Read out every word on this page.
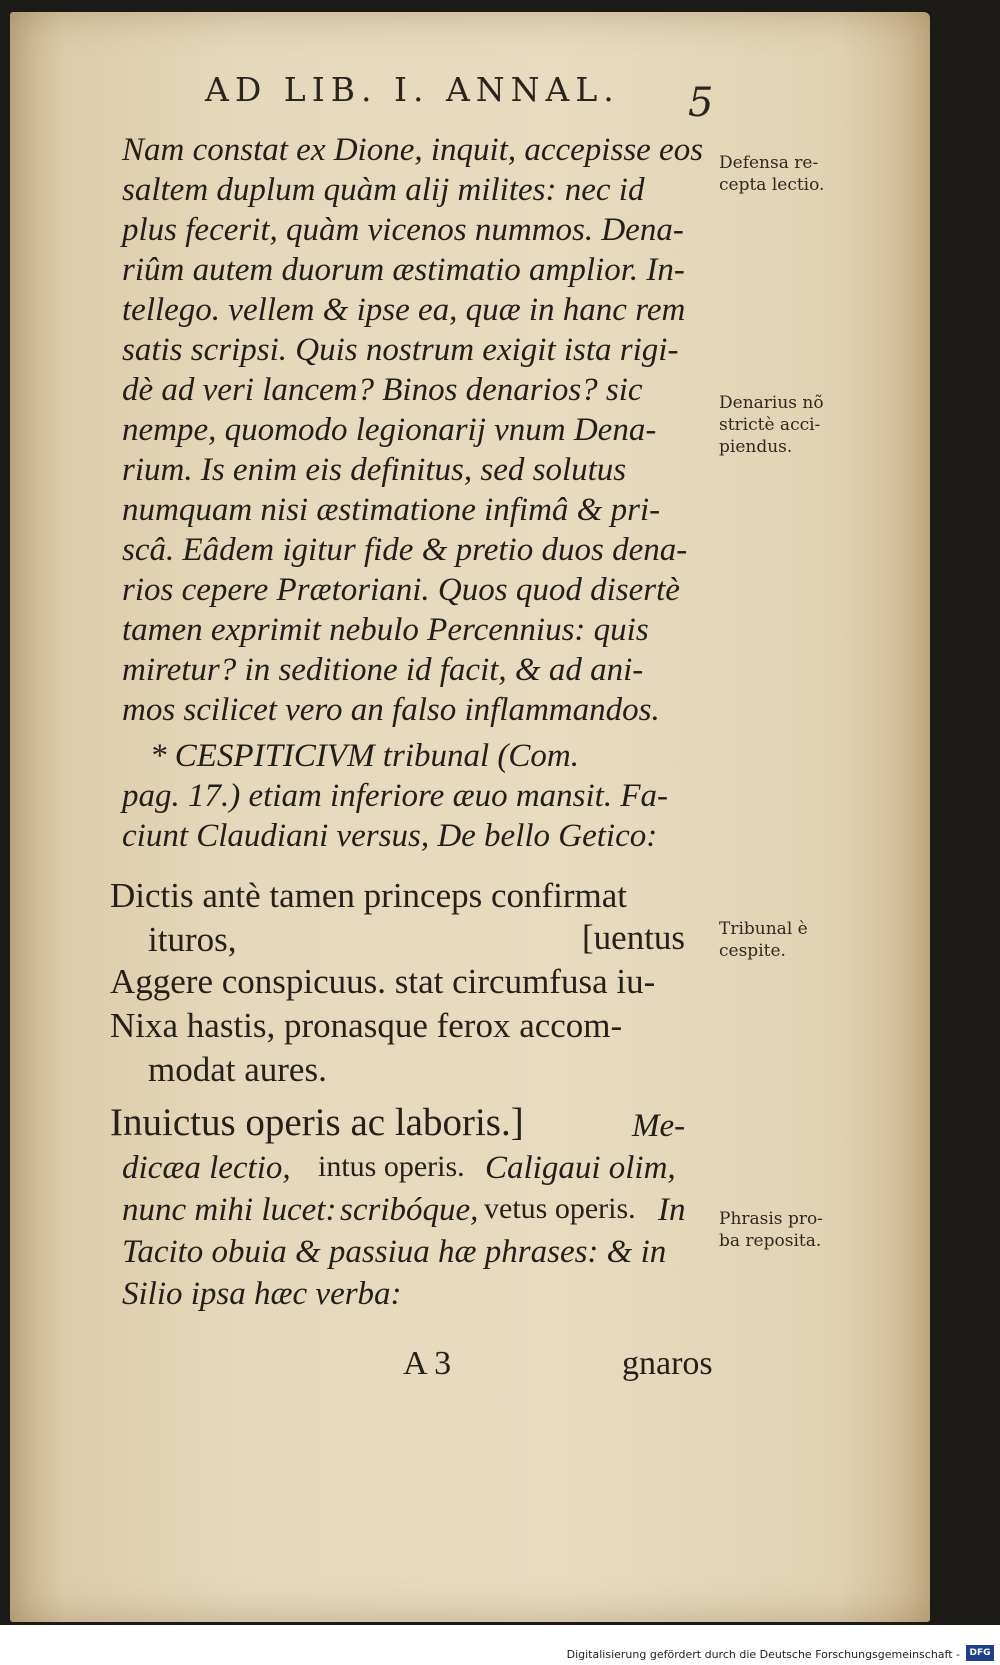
AD LIB. I. ANNAL. 5
Nam constat ex Dione, inquit, accepisse eos
saltem duplum quàm alij milites: nec id
plus fecerit, quàm vicenos nummos. Dena-
riûm autem duorum æstimatio amplior. In-
tellego. vellem & ipse ea, quæ in hanc rem
satis scripsi. Quis nostrum exigit ista rigi-
dè ad veri lancem? Binos denarios? sic
nempe, quomodo legionarij vnum Dena-
rium. Is enim eis definitus, sed solutus
numquam nisi æstimatione infimâ & pri-
scâ. Eâdem igitur fide & pretio duos dena-
rios cepere Prætoriani. Quos quod disertè
tamen exprimit nebulo Percennius: quis
miretur? in seditione id facit, & ad ani-
mos scilicet vero an falso inflammandos.
* CESPITICIVM tribunal (Com.
pag. 17.) etiam inferiore æuo mansit. Fa-
ciunt Claudiani versus, De bello Getico:
Dictis antè tamen princeps confirmat
ituros,	[uentus
Aggere conspicuus. stat circumfusa iu-
Nixa hastis, pronasque ferox accom-
modat aures.
Inuictus operis ac laboris.]	Me-
dicæa lectio, intus operis. Caligaui olim,
nunc mihi lucet: scribóque, vetus operis. In
Tacito obuia & passiua hæ phrases: & in
Silio ipsa hæc verba:
Defensa re-
cepta lectio.
Denarius nõ
strictè acci-
piendus.
Tribunal è
cespite.
Phrasis pro-
ba reposita.
A 3	gnaros
Digitalisierung gefördert durch die Deutsche Forschungsgemeinschaft -	DFG
